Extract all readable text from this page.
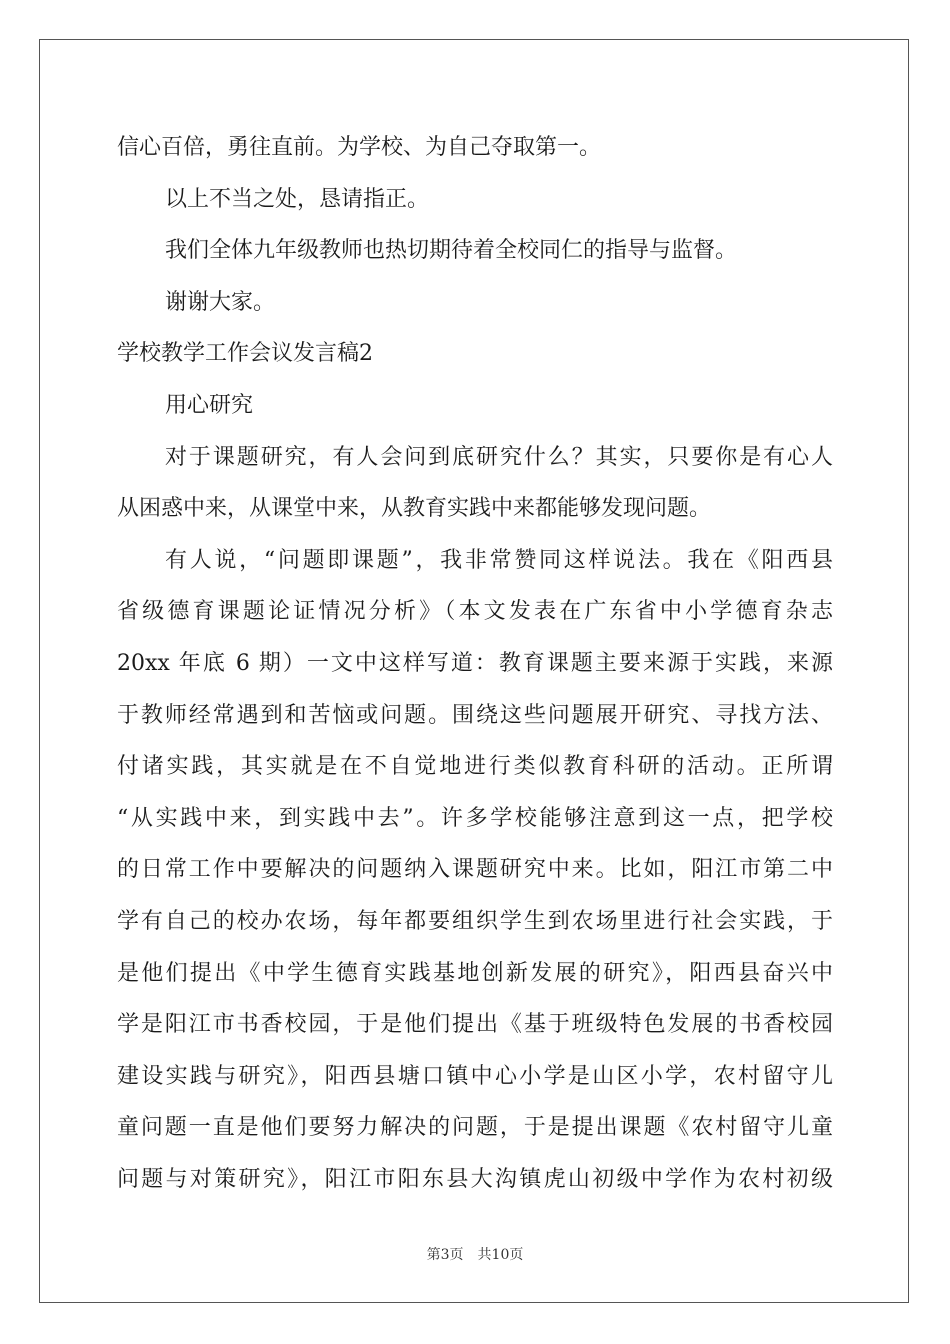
信心百倍，勇往直前。为学校、为自己夺取第一。
以上不当之处，恳请指正。
我们全体九年级教师也热切期待着全校同仁的指导与监督。
谢谢大家。
学校教学工作会议发言稿2
用心研究
对于课题研究，有人会问到底研究什么？其实，只要你是有心人
从困惑中来，从课堂中来，从教育实践中来都能够发现问题。
有人说，“问题即课题”，我非常赞同这样说法。我在《阳西县
省级德育课题论证情况分析》（本文发表在广东省中小学德育杂志
20xx 年底 6 期）一文中这样写道：教育课题主要来源于实践，来源
于教师经常遇到和苦恼或问题。围绕这些问题展开研究、寻找方法、
付诸实践，其实就是在不自觉地进行类似教育科研的活动。正所谓
“从实践中来，到实践中去”。许多学校能够注意到这一点，把学校
的日常工作中要解决的问题纳入课题研究中来。比如，阳江市第二中
学有自己的校办农场，每年都要组织学生到农场里进行社会实践，于
是他们提出《中学生德育实践基地创新发展的研究》，阳西县奋兴中
学是阳江市书香校园，于是他们提出《基于班级特色发展的书香校园
建设实践与研究》，阳西县塘口镇中心小学是山区小学，农村留守儿
童问题一直是他们要努力解决的问题，于是提出课题《农村留守儿童
问题与对策研究》，阳江市阳东县大沟镇虎山初级中学作为农村初级
第3页 共10页
